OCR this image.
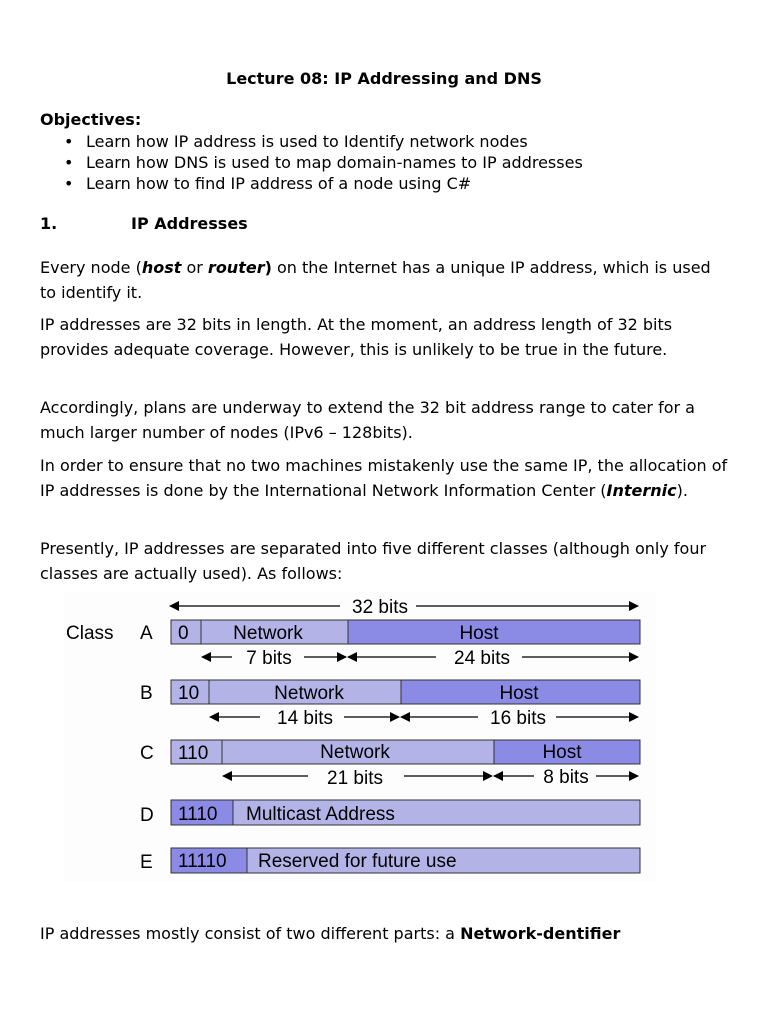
Lecture 08: IP Addressing and DNS
Objectives:
• Learn how IP address is used to Identify network nodes
• Learn how DNS is used to map domain-names to IP addresses
• Learn how to find IP address of a node using C#
1.	IP Addresses

Every node (host or router) on the Internet has a unique IP address, which is used to identify it.

IP addresses are 32 bits in length. At the moment, an address length of 32 bits provides adequate coverage. However, this is unlikely to be true in the future.

Accordingly, plans are underway to extend the 32 bit address range to cater for a much larger number of nodes (IPv6 – 128bits).

In order to ensure that no two machines mistakenly use the same IP, the allocation of IP addresses is done by the International Network Information Center (Internic).

Presently, IP addresses are separated into five different classes (although only four classes are actually used). As follows:

32 bits
Class A 0 Network	Host
7 bits	24 bits
B 10	Network	Host
14 bits	16 bits
C 110	Network	Host
21 bits	8 bits
D 1110 Multicast Address
E 11110 Reserved for future use
IP addresses mostly consist of two different parts: a Network-dentifier
